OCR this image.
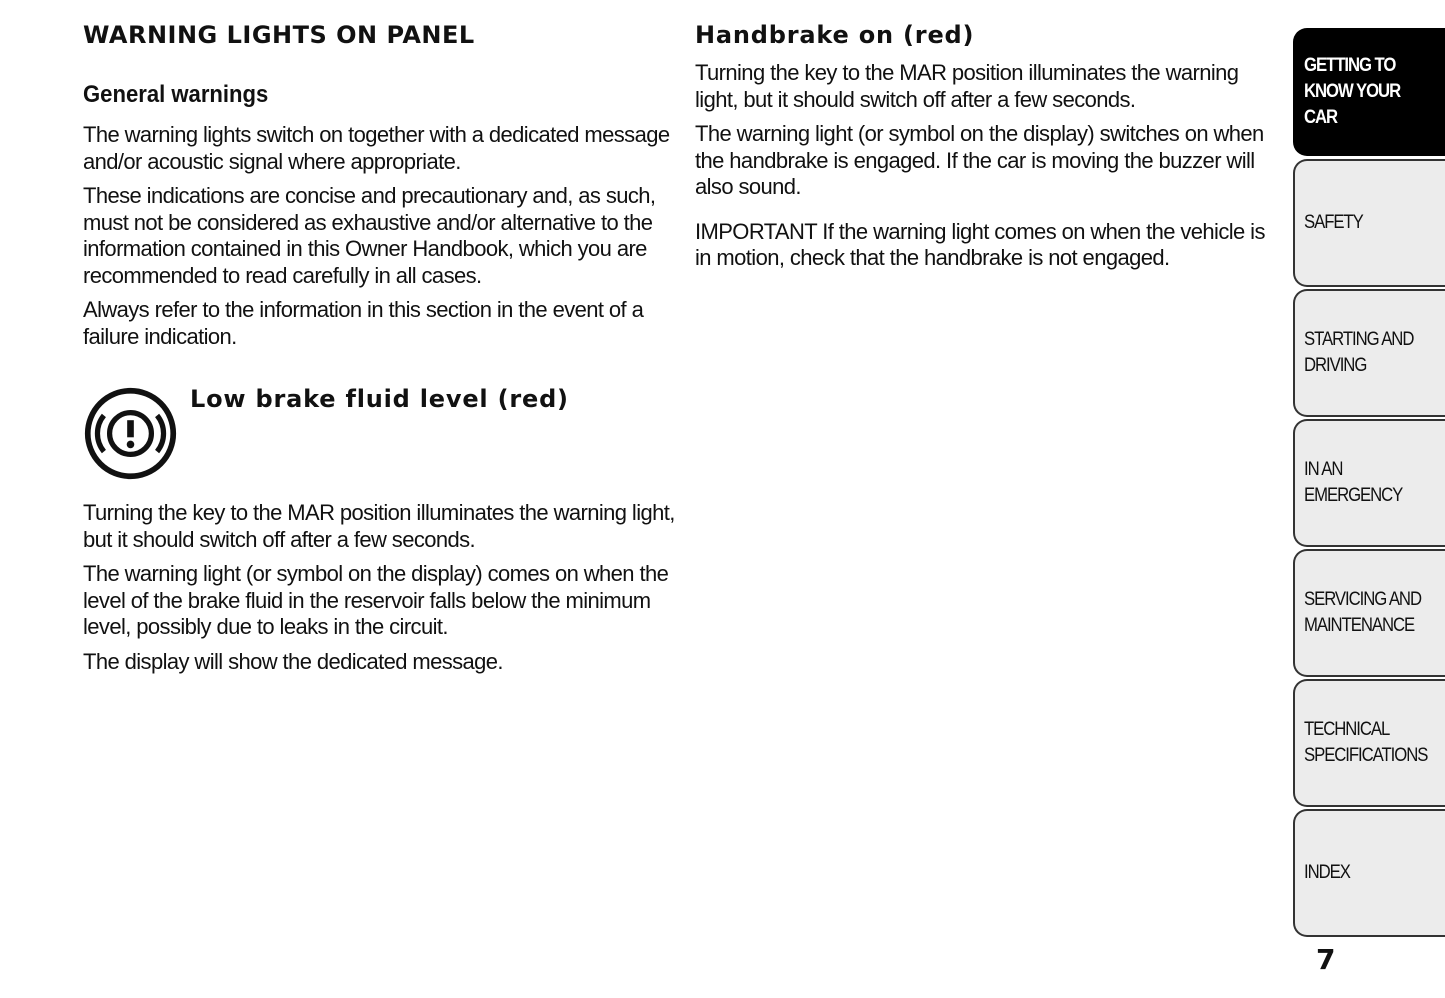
WARNING LIGHTS ON PANEL
General warnings

The warning lights switch on together with a dedicated message and/or acoustic signal where appropriate.

These indications are concise and precautionary and, as such, must not be considered as exhaustive and/or alternative to the information contained in this Owner Handbook, which you are recommended to read carefully in all cases.

Always refer to the information in this section in the event of a failure indication.

Low brake fluid level (red)

Turning the key to the MAR position illuminates the warning light, but it should switch off after a few seconds.

The warning light (or symbol on the display) comes on when the level of the brake fluid in the reservoir falls below the minimum level, possibly due to leaks in the circuit.

The display will show the dedicated message.

Handbrake on (red)

Turning the key to the MAR position illuminates the warning light, but it should switch off after a few seconds.

The warning light (or symbol on the display) switches on when the handbrake is engaged. If the car is moving the buzzer will also sound.

IMPORTANT If the warning light comes on when the vehicle is in motion, check that the handbrake is not engaged.

GETTING TO
KNOW YOUR CAR
SAFETY
STARTING AND
DRIVING
IN AN EMERGENCY
SERVICING AND
MAINTENANCE
TECHNICAL
SPECIFICATIONS
INDEX
7
